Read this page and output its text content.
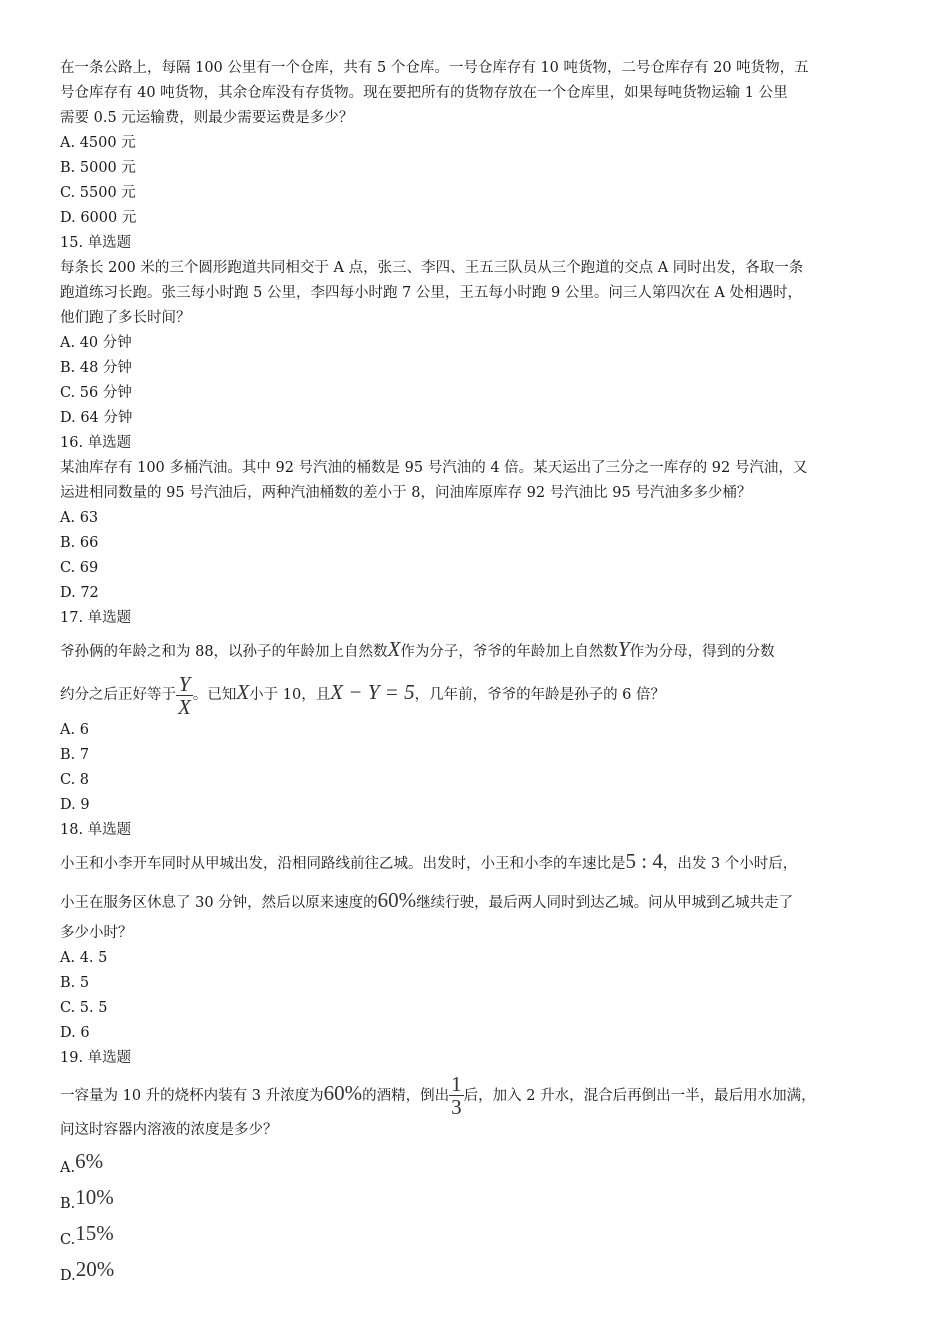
在一条公路上，每隔 100 公里有一个仓库，共有 5 个仓库。一号仓库存有 10 吨货物，二号仓库存有 20 吨货物，五
号仓库存有 40 吨货物，其余仓库没有存货物。现在要把所有的货物存放在一个仓库里，如果每吨货物运输 1 公里
需要 0.5 元运输费，则最少需要运费是多少？
A. 4500 元
B. 5000 元
C. 5500 元
D. 6000 元
15. 单选题
每条长 200 米的三个圆形跑道共同相交于 A 点，张三、李四、王五三队员从三个跑道的交点 A 同时出发，各取一条
跑道练习长跑。张三每小时跑 5 公里，李四每小时跑 7 公里，王五每小时跑 9 公里。问三人第四次在 A 处相遇时，
他们跑了多长时间？
A. 40 分钟
B. 48 分钟
C. 56 分钟
D. 64 分钟
16. 单选题
某油库存有 100 多桶汽油。其中 92 号汽油的桶数是 95 号汽油的 4 倍。某天运出了三分之一库存的 92 号汽油，又
运进相同数量的 95 号汽油后，两种汽油桶数的差小于 8，问油库原库存 92 号汽油比 95 号汽油多多少桶？
A. 63
B. 66
C. 69
D. 72
17. 单选题
爷孙俩的年龄之和为 88，以孙子的年龄加上自然数X作为分子，爷爷的年龄加上自然数Y作为分母，得到的分数
约分之后正好等于 $\frac{Y}{X}$ 。已知X小于 10，且X − Y = 5，几年前，爷爷的年龄是孙子的 6 倍？
A. 6
B. 7
C. 8
D. 9
18. 单选题
小王和小李开车同时从甲城出发，沿相同路线前往乙城。出发时，小王和小李的车速比是5 : 4，出发 3 个小时后，
小王在服务区休息了 30 分钟，然后以原来速度的60%继续行驶，最后两人同时到达乙城。问从甲城到乙城共走了
多少小时？
A. 4. 5
B. 5
C. 5. 5
D. 6
19. 单选题
一容量为 10 升的烧杯内装有 3 升浓度为60%的酒精，倒出 $\frac{1}{3}$ 后，加入 2 升水，混合后再倒出一半，最后用水加满，
问这时容器内溶液的浓度是多少？
A.6%
B.10%
C.15%
D.20%
